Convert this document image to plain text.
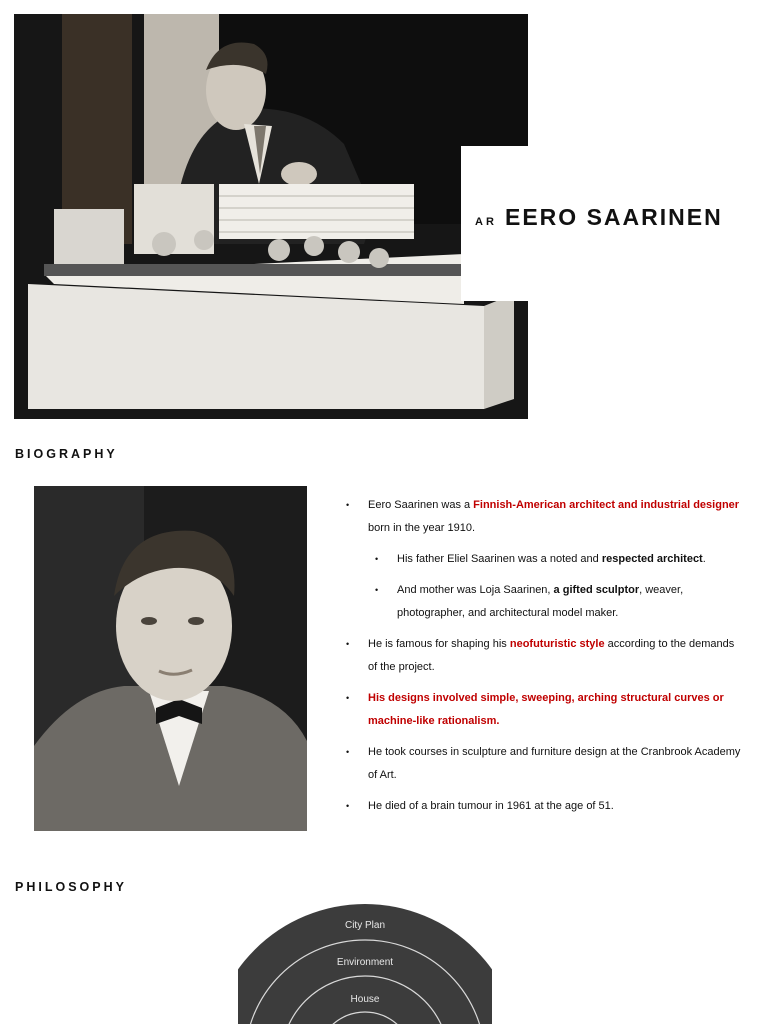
AR EERO SAARINEN
BIOGRAPHY
• Eero Saarinen was a Finnish-American architect and industrial designer born in the year 1910.
• His father Eliel Saarinen was a noted and respected architect.
• And mother was Loja Saarinen, a gifted sculptor, weaver, photographer, and architectural model maker.
• He is famous for shaping his neofuturistic style according to the demands of the project.
• His designs involved simple, sweeping, arching structural curves or machine-like rationalism.
• He took courses in sculpture and furniture design at the Cranbrook Academy of Art.
• He died of a brain tumour in 1961 at the age of 51.
PHILOSOPHY
City Plan
Environment
House
